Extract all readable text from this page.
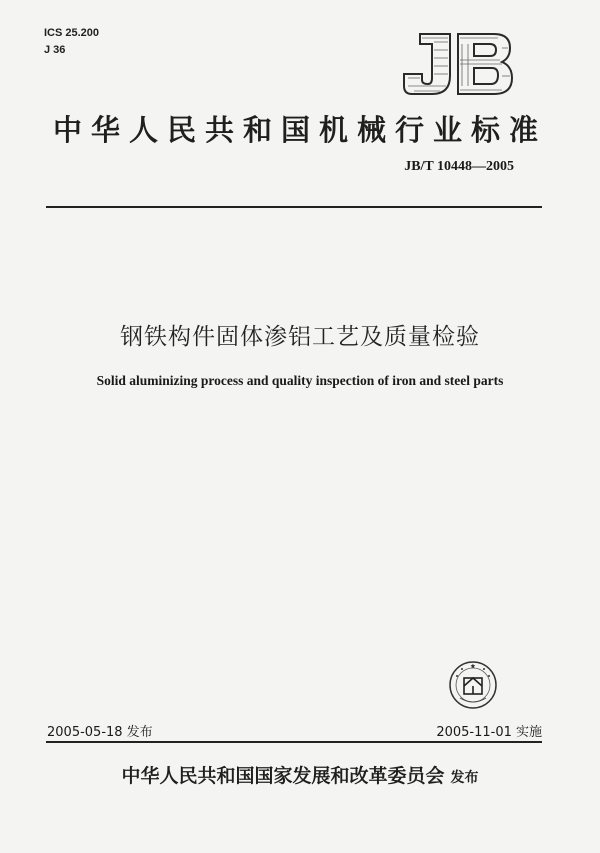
ICS 25.200
J 36
中华人民共和国机械行业标准
JB/T 10448—2005
钢铁构件固体渗铝工艺及质量检验
Solid aluminizing process and quality inspection of iron and steel parts
2005-05-18 发布	2005-11-01 实施
中华人民共和国国家发展和改革委员会 发布
